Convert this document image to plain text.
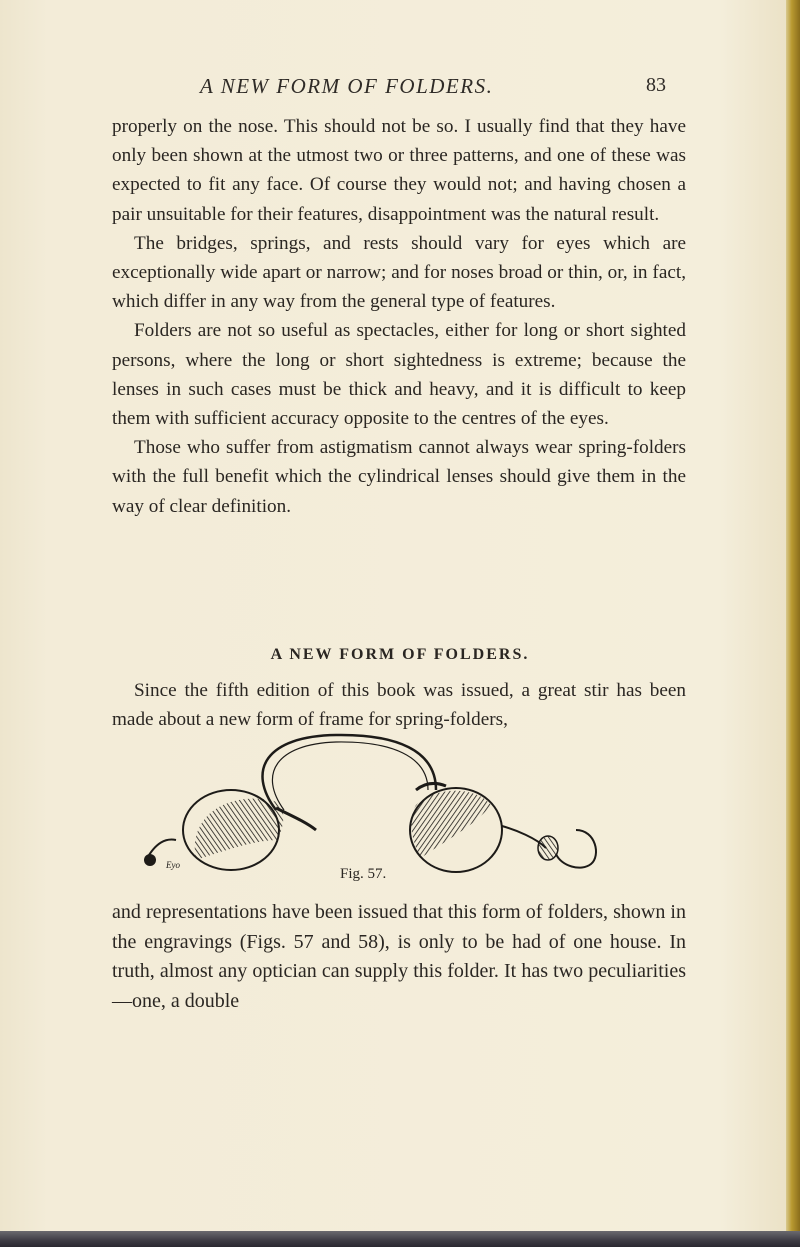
A NEW FORM OF FOLDERS.	83

properly on the nose. This should not be so. I usually find that they have only been shown at the utmost two or three patterns, and one of these was expected to fit any face. Of course they would not; and having chosen a pair unsuitable for their features, disappointment was the natural result.

The bridges, springs, and rests should vary for eyes which are exceptionally wide apart or narrow; and for noses broad or thin, or, in fact, which differ in any way from the general type of features.

Folders are not so useful as spectacles, either for long or short sighted persons, where the long or short sightedness is extreme; because the lenses in such cases must be thick and heavy, and it is difficult to keep them with sufficient accuracy opposite to the centres of the eyes.

Those who suffer from astigmatism cannot always wear spring-folders with the full benefit which the cylindrical lenses should give them in the way of clear definition.

A NEW FORM OF FOLDERS.

Since the fifth edition of this book was issued, a great stir has been made about a new form of frame for spring-folders,

Eyo
Fig. 57.

and representations have been issued that this form of folders, shown in the engravings (Figs. 57 and 58), is only to be had of one house. In truth, almost any optician can supply this folder. It has two peculiarities—one, a double
